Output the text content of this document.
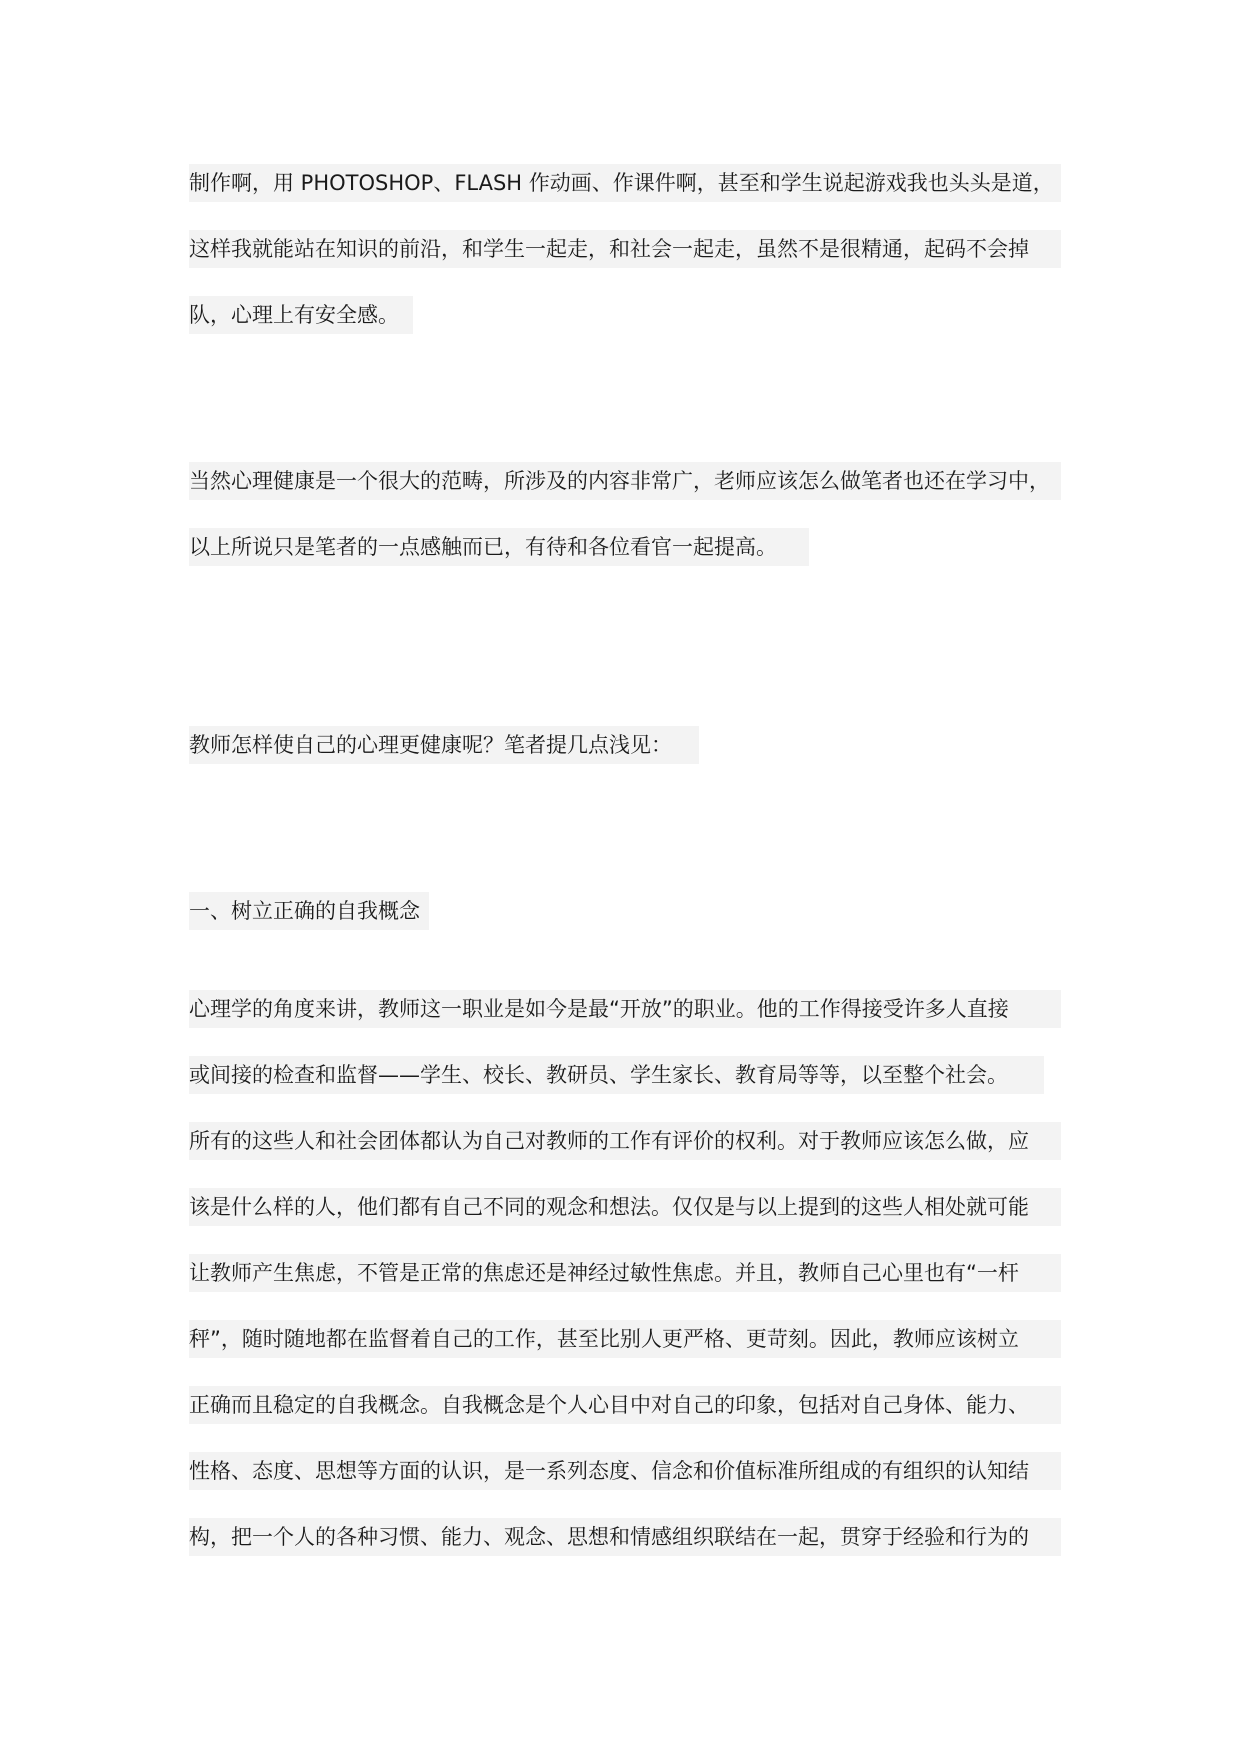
制作啊，用 PHOTOSHOP、FLASH 作动画、作课件啊，甚至和学生说起游戏我也头头是道，
这样我就能站在知识的前沿，和学生一起走，和社会一起走，虽然不是很精通，起码不会掉
队，心理上有安全感。
当然心理健康是一个很大的范畴，所涉及的内容非常广，老师应该怎么做笔者也还在学习中，
以上所说只是笔者的一点感触而已，有待和各位看官一起提高。
教师怎样使自己的心理更健康呢？笔者提几点浅见：
一、树立正确的自我概念
心理学的角度来讲，教师这一职业是如今是最“开放”的职业。他的工作得接受许多人直接
或间接的检查和监督——学生、校长、教研员、学生家长、教育局等等，以至整个社会。
所有的这些人和社会团体都认为自己对教师的工作有评价的权利。对于教师应该怎么做，应
该是什么样的人，他们都有自己不同的观念和想法。仅仅是与以上提到的这些人相处就可能
让教师产生焦虑，不管是正常的焦虑还是神经过敏性焦虑。并且，教师自己心里也有“一杆
秤”，随时随地都在监督着自己的工作，甚至比别人更严格、更苛刻。因此，教师应该树立
正确而且稳定的自我概念。自我概念是个人心目中对自己的印象，包括对自己身体、能力、
性格、态度、思想等方面的认识，是一系列态度、信念和价值标准所组成的有组织的认知结
构，把一个人的各种习惯、能力、观念、思想和情感组织联结在一起，贯穿于经验和行为的
